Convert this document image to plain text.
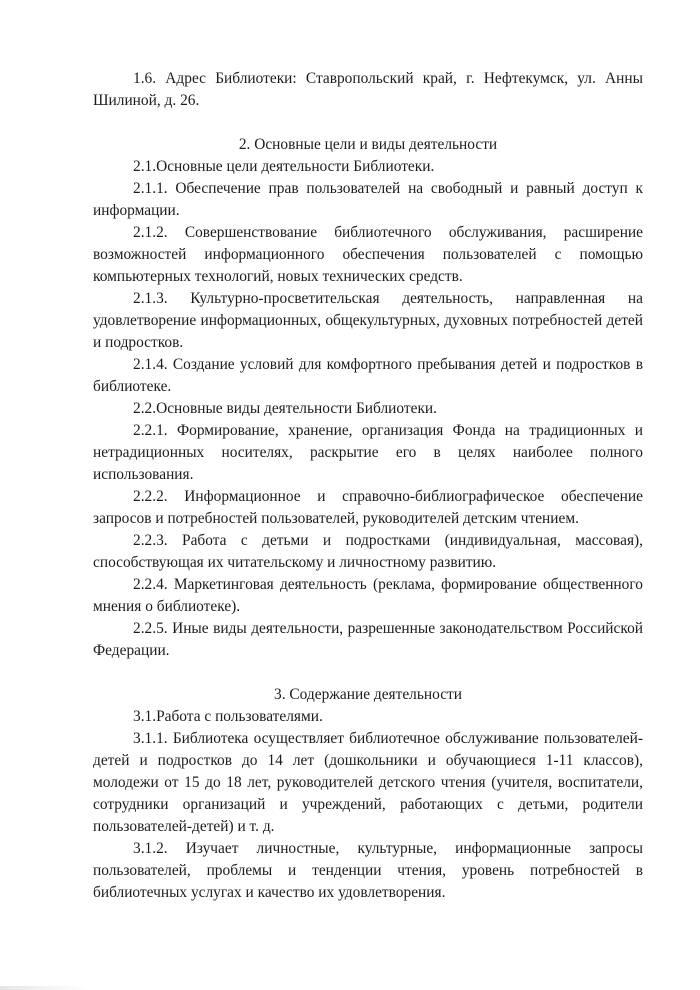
1.6. Адрес Библиотеки: Ставропольский край, г. Нефтекумск, ул. Анны Шилиной, д. 26.

2. Основные цели и виды деятельности

2.1.Основные цели деятельности Библиотеки.

2.1.1. Обеспечение прав пользователей на свободный и равный доступ к информации.

2.1.2. Совершенствование библиотечного обслуживания, расширение возможностей информационного обеспечения пользователей с помощью компьютерных технологий, новых технических средств.

2.1.3. Культурно-просветительская деятельность, направленная на удовлетворение информационных, общекультурных, духовных потребностей детей и подростков.

2.1.4. Создание условий для комфортного пребывания детей и подростков в библиотеке.

2.2.Основные виды деятельности Библиотеки.

2.2.1. Формирование, хранение, организация Фонда на традиционных и нетрадиционных носителях, раскрытие его в целях наиболее полного использования.

2.2.2. Информационное и справочно-библиографическое обеспечение запросов и потребностей пользователей, руководителей детским чтением.

2.2.3. Работа с детьми и подростками (индивидуальная, массовая), способствующая их читательскому и личностному развитию.

2.2.4. Маркетинговая деятельность (реклама, формирование общественного мнения о библиотеке).

2.2.5. Иные виды деятельности, разрешенные законодательством Российской Федерации.

3. Содержание деятельности

3.1.Работа с пользователями.

3.1.1. Библиотека осуществляет библиотечное обслуживание пользователей-детей и подростков до 14 лет (дошкольники и обучающиеся 1-11 классов), молодежи от 15 до 18 лет, руководителей детского чтения (учителя, воспитатели, сотрудники организаций и учреждений, работающих с детьми, родители пользователей-детей) и т. д.

3.1.2. Изучает личностные, культурные, информационные запросы пользователей, проблемы и тенденции чтения, уровень потребностей в библиотечных услугах и качество их удовлетворения.
